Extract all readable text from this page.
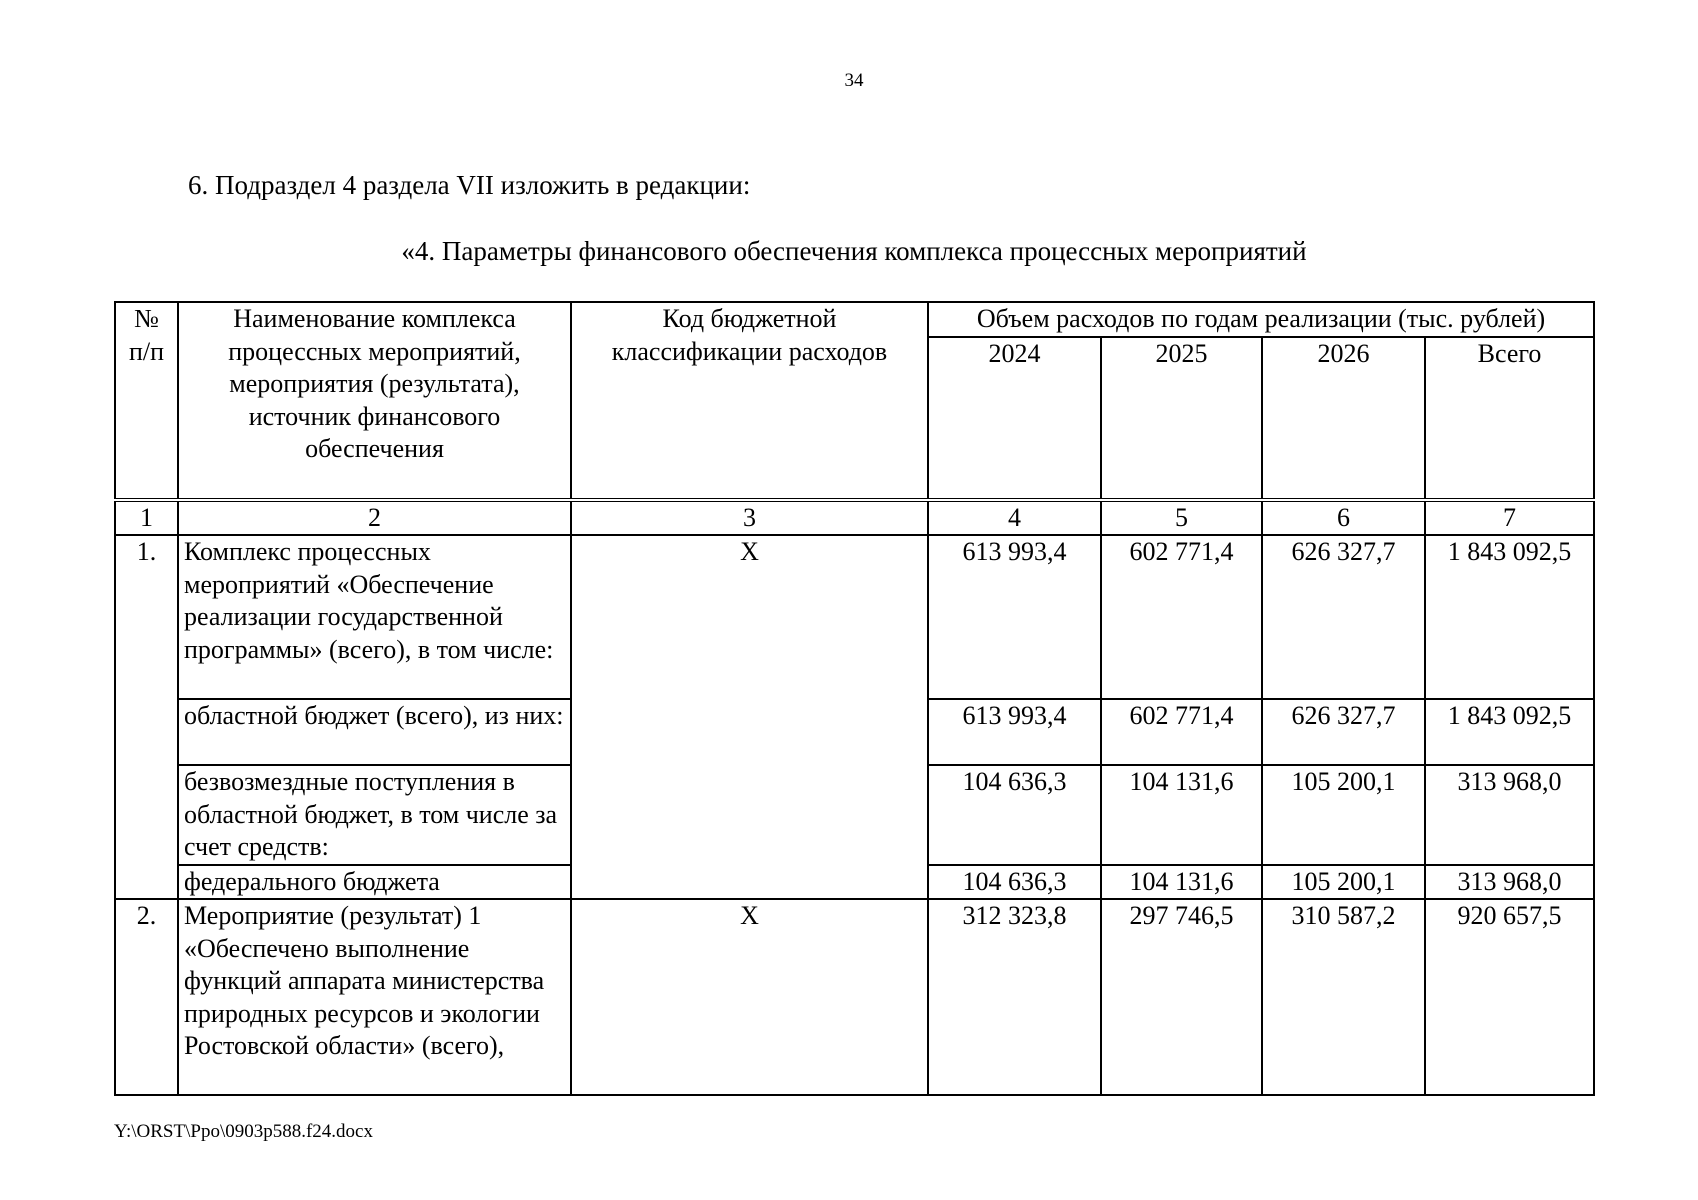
34
6. Подраздел 4 раздела VII изложить в редакции:
«4. Параметры финансового обеспечения комплекса процессных мероприятий
№ п/п	Наименование комплекса процессных мероприятий, мероприятия (результата), источник финансового обеспечения	Код бюджетной классификации расходов	Объем расходов по годам реализации (тыс. рублей)			
			2024	2025	2026	Всего
1	2	3	4	5	6	7
1.	Комплекс процессных мероприятий «Обеспечение реализации государственной программы» (всего), в том числе:	Х	613 993,4	602 771,4	626 327,7	1 843 092,5
	областной бюджет (всего), из них:		613 993,4	602 771,4	626 327,7	1 843 092,5
	безвозмездные поступления в областной бюджет, в том числе за счет средств:		104 636,3	104 131,6	105 200,1	313 968,0
	федерального бюджета		104 636,3	104 131,6	105 200,1	313 968,0
2.	Мероприятие (результат) 1 «Обеспечено выполнение функций аппарата министерства природных ресурсов и экологии Ростовской области» (всего),	Х	312 323,8	297 746,5	310 587,2	920 657,5
Y:\ORST\Ppo\0903p588.f24.docx
